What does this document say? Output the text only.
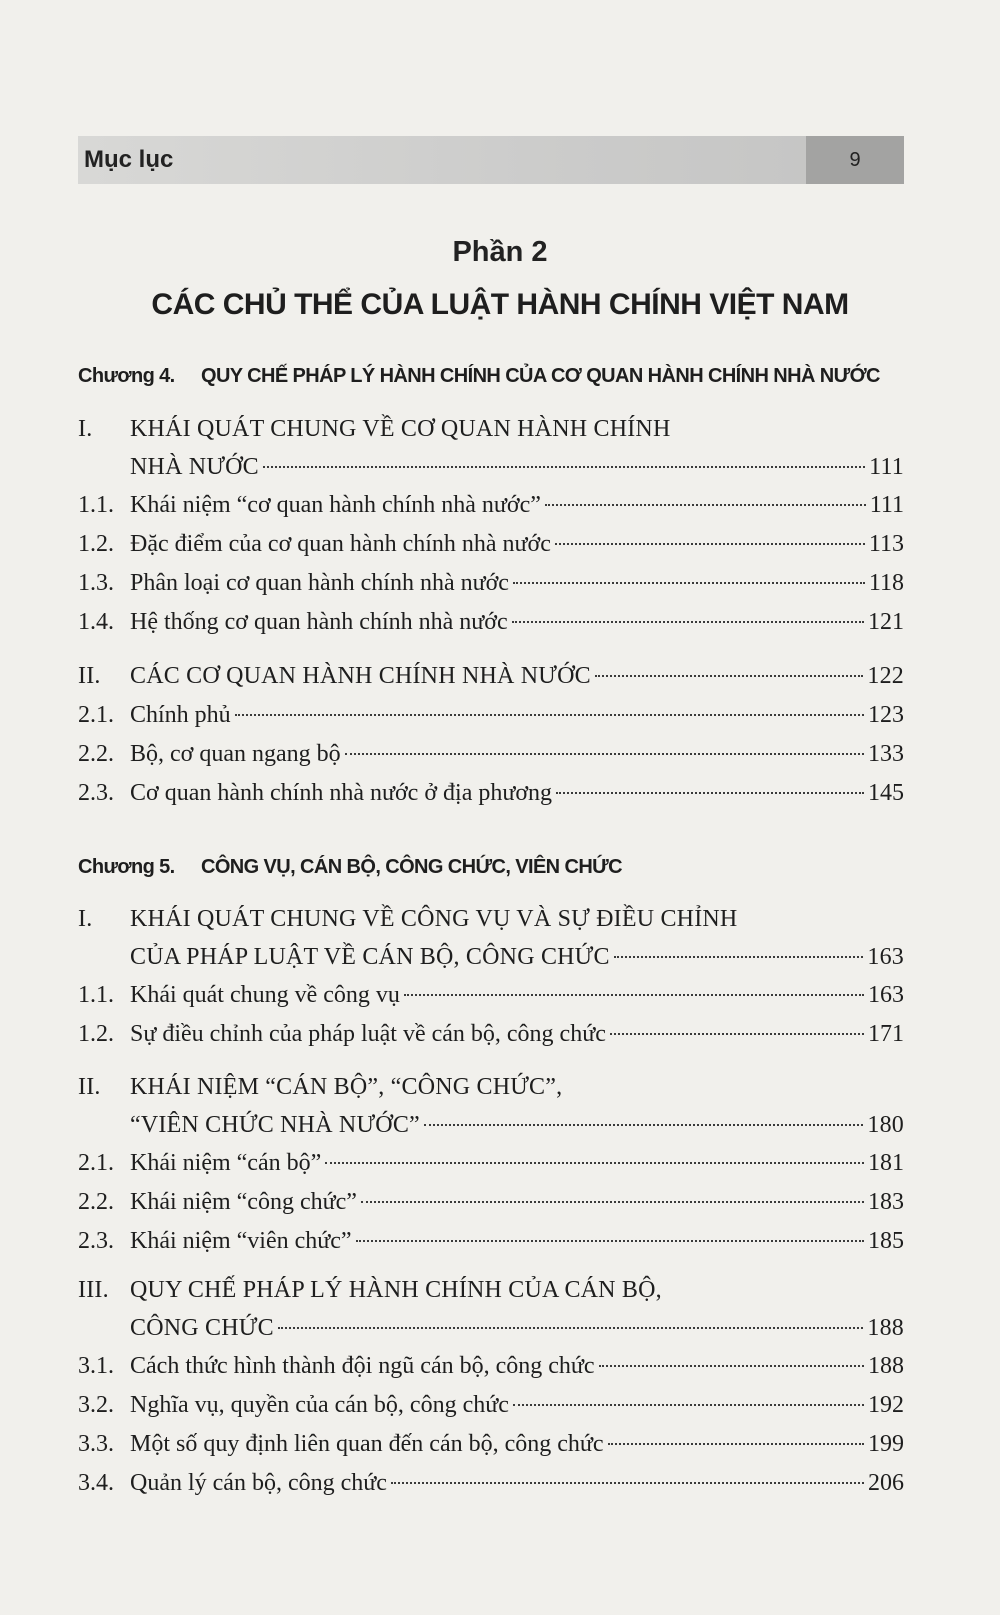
Mục lục	9
Phần 2
CÁC CHỦ THỂ CỦA LUẬT HÀNH CHÍNH VIỆT NAM
Chương 4. QUY CHẾ PHÁP LÝ HÀNH CHÍNH CỦA CƠ QUAN HÀNH CHÍNH NHÀ NƯỚC
I.	KHÁI QUÁT CHUNG VỀ CƠ QUAN HÀNH CHÍNH
NHÀ NƯỚC	111
1.1. Khái niệm “cơ quan hành chính nhà nước”	111
1.2. Đặc điểm của cơ quan hành chính nhà nước	113
1.3. Phân loại cơ quan hành chính nhà nước	118
1.4. Hệ thống cơ quan hành chính nhà nước	121
II.	CÁC CƠ QUAN HÀNH CHÍNH NHÀ NƯỚC	122
2.1. Chính phủ	123
2.2. Bộ, cơ quan ngang bộ	133
2.3. Cơ quan hành chính nhà nước ở địa phương	145
Chương 5. CÔNG VỤ, CÁN BỘ, CÔNG CHỨC, VIÊN CHỨC
I.	KHÁI QUÁT CHUNG VỀ CÔNG VỤ VÀ SỰ ĐIỀU CHỈNH
CỦA PHÁP LUẬT VỀ CÁN BỘ, CÔNG CHỨC	163
1.1. Khái quát chung về công vụ	163
1.2. Sự điều chỉnh của pháp luật về cán bộ, công chức	171
II.	KHÁI NIỆM “CÁN BỘ”, “CÔNG CHỨC”,
“VIÊN CHỨC NHÀ NƯỚC”	180
2.1. Khái niệm “cán bộ”	181
2.2. Khái niệm “công chức”	183
2.3. Khái niệm “viên chức”	185
III. QUY CHẾ PHÁP LÝ HÀNH CHÍNH CỦA CÁN BỘ,
CÔNG CHỨC	188
3.1. Cách thức hình thành đội ngũ cán bộ, công chức	188
3.2. Nghĩa vụ, quyền của cán bộ, công chức	192
3.3. Một số quy định liên quan đến cán bộ, công chức	199
3.4. Quản lý cán bộ, công chức	206
